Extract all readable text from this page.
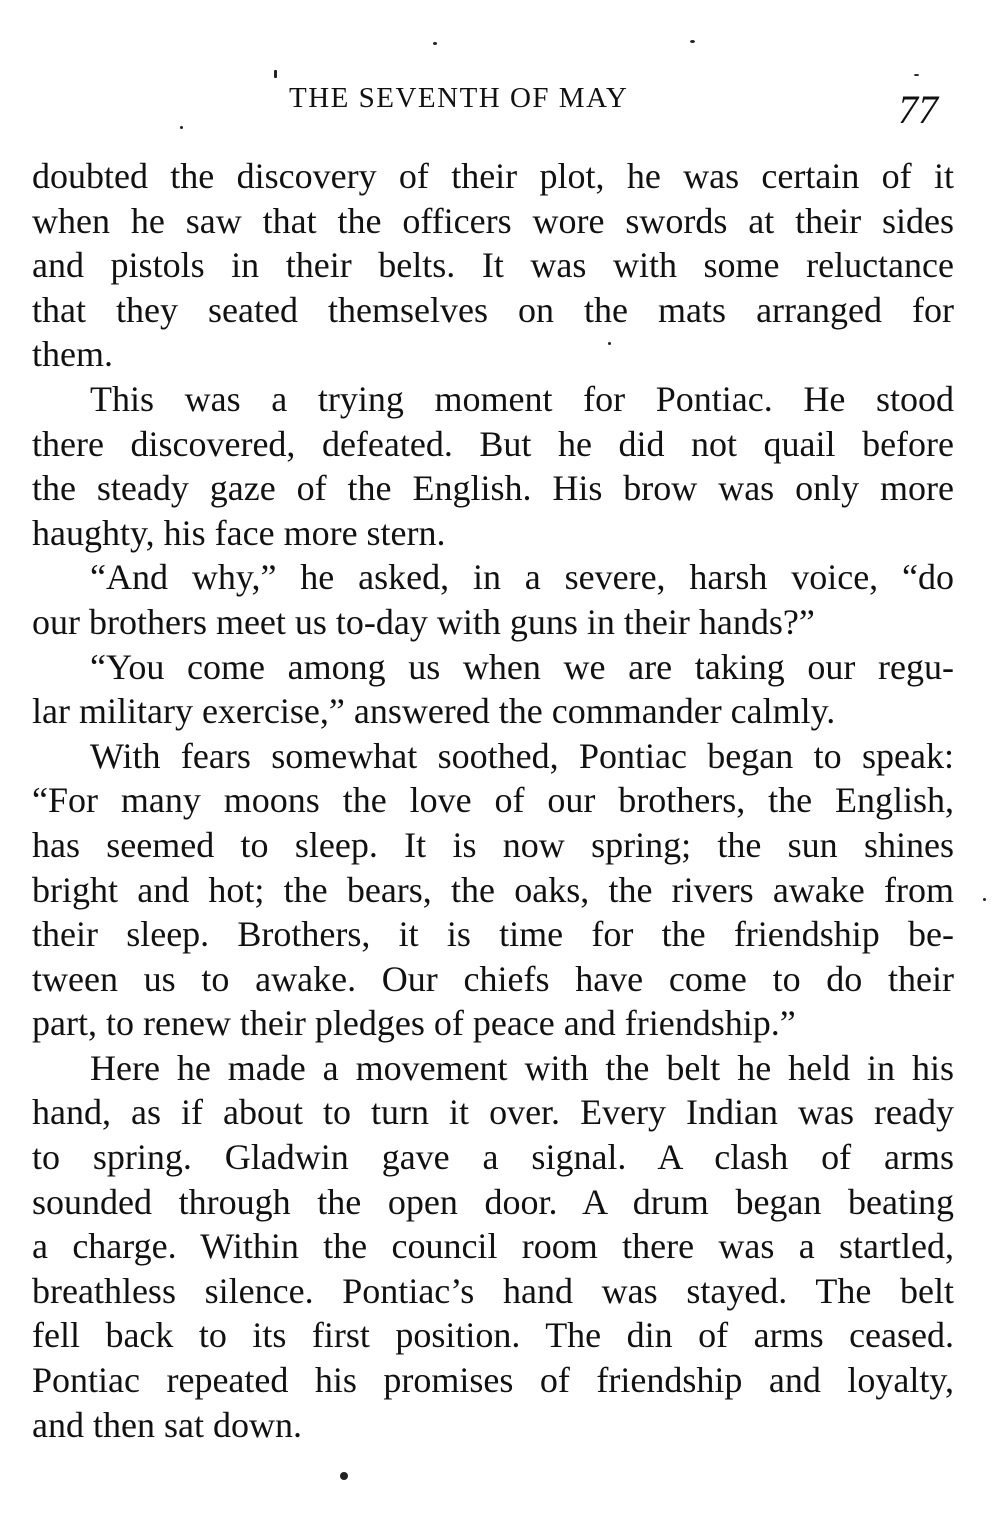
THE SEVENTH OF MAY	77
doubted the discovery of their plot, he was certain of it
when he saw that the officers wore swords at their sides
and pistols in their belts. It was with some reluctance
that they seated themselves on the mats arranged for
them.
This was a trying moment for Pontiac. He stood
there discovered, defeated. But he did not quail before
the steady gaze of the English. His brow was only more
haughty, his face more stern.
“And why,” he asked, in a severe, harsh voice, “do
our brothers meet us to-day with guns in their hands?”
“You come among us when we are taking our regu-
lar military exercise,” answered the commander calmly.
With fears somewhat soothed, Pontiac began to speak:
“For many moons the love of our brothers, the English,
has seemed to sleep. It is now spring; the sun shines
bright and hot; the bears, the oaks, the rivers awake from
their sleep. Brothers, it is time for the friendship be-
tween us to awake. Our chiefs have come to do their
part, to renew their pledges of peace and friendship.”
Here he made a movement with the belt he held in his
hand, as if about to turn it over. Every Indian was ready
to spring. Gladwin gave a signal. A clash of arms
sounded through the open door. A drum began beating
a charge. Within the council room there was a startled,
breathless silence. Pontiac’s hand was stayed. The belt
fell back to its first position. The din of arms ceased.
Pontiac repeated his promises of friendship and loyalty,
and then sat down.
